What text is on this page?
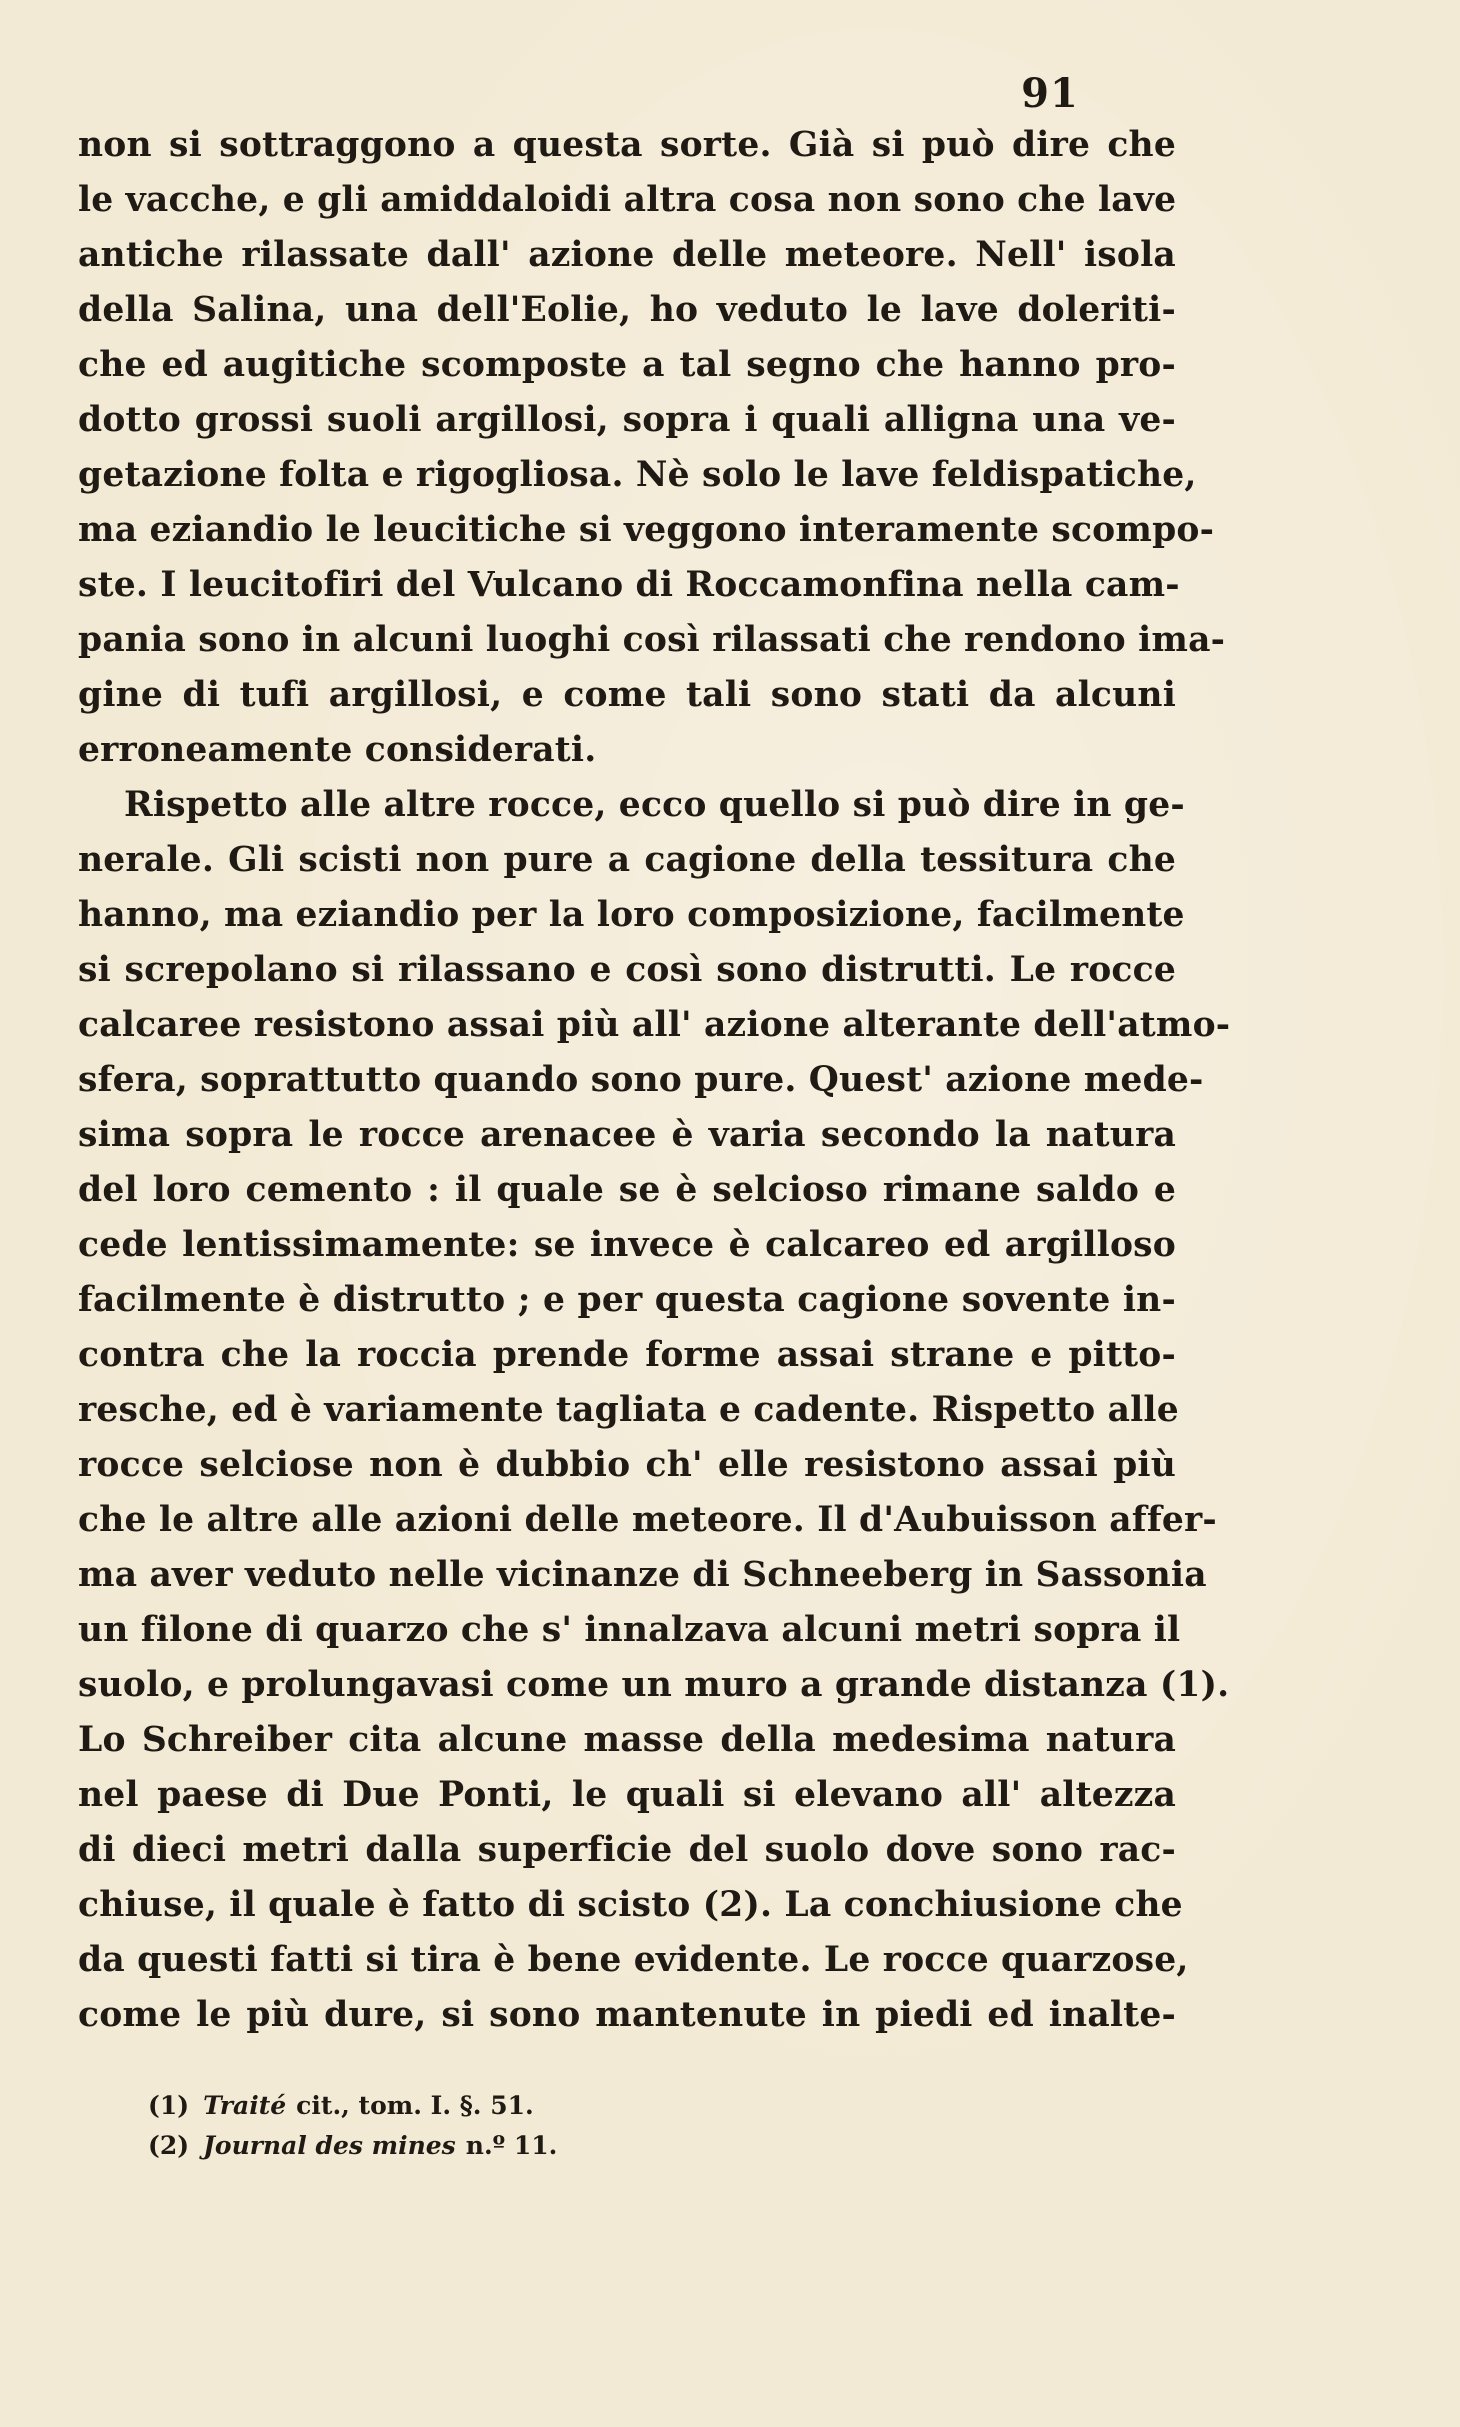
91
non si sottraggono a questa sorte. Già si può dire che
le vacche, e gli amiddaloidi altra cosa non sono che lave
antiche rilassate dall' azione delle meteore. Nell' isola
della Salina, una dell'Eolie, ho veduto le lave doleriti-
che ed augitiche scomposte a tal segno che hanno pro-
dotto grossi suoli argillosi, sopra i quali alligna una ve-
getazione folta e rigogliosa. Nè solo le lave feldispatiche,
ma eziandio le leucitiche si veggono interamente scompo-
ste. I leucitofiri del Vulcano di Roccamonfina nella cam-
pania sono in alcuni luoghi così rilassati che rendono ima-
gine di tufi argillosi, e come tali sono stati da alcuni
erroneamente considerati.
Rispetto alle altre rocce, ecco quello si può dire in ge-
nerale. Gli scisti non pure a cagione della tessitura che
hanno, ma eziandio per la loro composizione, facilmente
si screpolano si rilassano e così sono distrutti. Le rocce
calcaree resistono assai più all' azione alterante dell'atmo-
sfera, soprattutto quando sono pure. Quest' azione mede-
sima sopra le rocce arenacee è varia secondo la natura
del loro cemento : il quale se è selcioso rimane saldo e
cede lentissimamente: se invece è calcareo ed argilloso
facilmente è distrutto ; e per questa cagione sovente in-
contra che la roccia prende forme assai strane e pitto-
resche, ed è variamente tagliata e cadente. Rispetto alle
rocce selciose non è dubbio ch' elle resistono assai più
che le altre alle azioni delle meteore. Il d'Aubuisson affer-
ma aver veduto nelle vicinanze di Schneeberg in Sassonia
un filone di quarzo che s' innalzava alcuni metri sopra il
suolo, e prolungavasi come un muro a grande distanza (1).
Lo Schreiber cita alcune masse della medesima natura
nel paese di Due Ponti, le quali si elevano all' altezza
di dieci metri dalla superficie del suolo dove sono rac-
chiuse, il quale è fatto di scisto (2). La conchiusione che
da questi fatti si tira è bene evidente. Le rocce quarzose,
come le più dure, si sono mantenute in piedi ed inalte-
(1) Traité cit., tom. I. §. 51.
(2) Journal des mines n.º 11.
